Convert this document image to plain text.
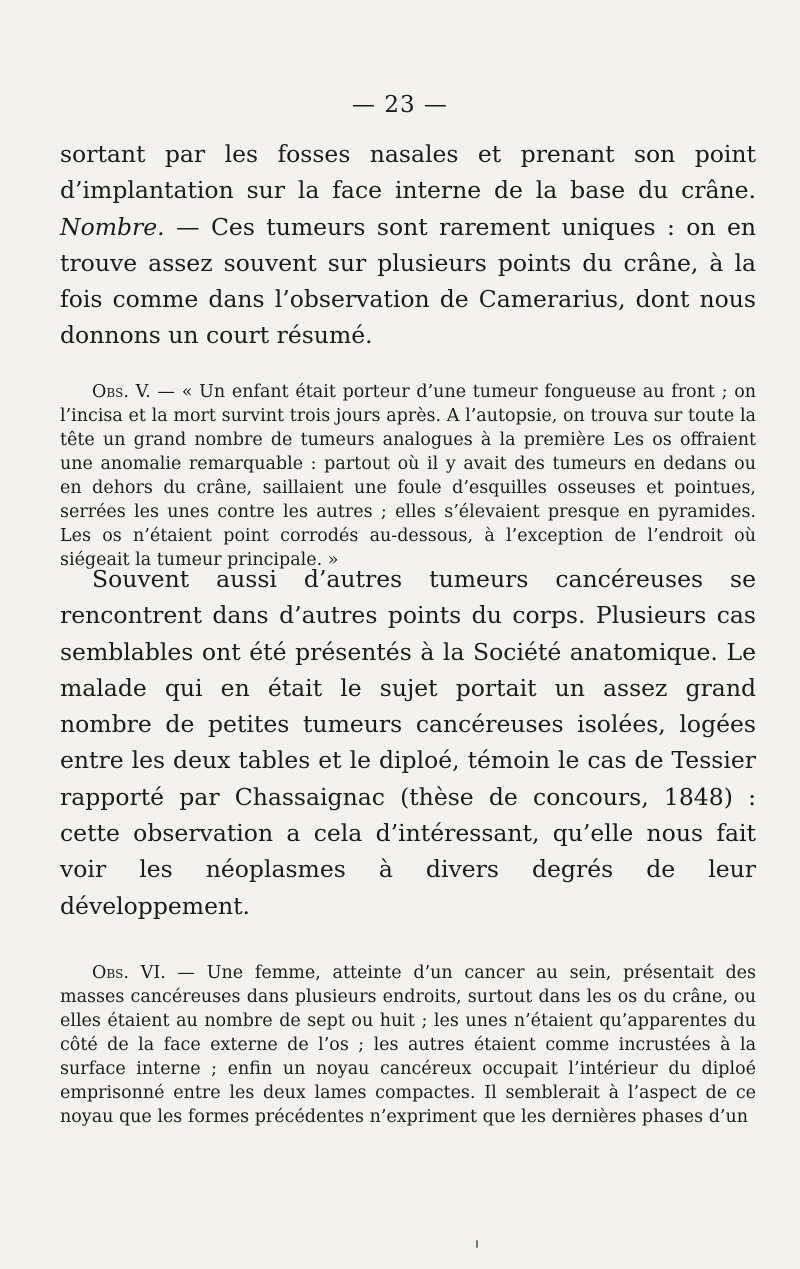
— 23 —

sortant par les fosses nasales et prenant son point d’implantation sur la face interne de la base du crâne. Nombre. — Ces tumeurs sont rarement uniques : on en trouve assez souvent sur plusieurs points du crâne, à la fois comme dans l’observation de Camerarius, dont nous donnons un court résumé.

Obs. V. — « Un enfant était porteur d’une tumeur fongueuse au front ; on l’incisa et la mort survint trois jours après. A l’autopsie, on trouva sur toute la tête un grand nombre de tumeurs analogues à la première Les os offraient une anomalie remarquable : partout où il y avait des tumeurs en dedans ou en dehors du crâne, saillaient une foule d’esquilles osseuses et pointues, serrées les unes contre les autres ; elles s’élevaient presque en pyramides. Les os n’étaient point corrodés au-dessous, à l’exception de l’endroit où siégeait la tumeur principale. »

Souvent aussi d’autres tumeurs cancéreuses se rencontrent dans d’autres points du corps. Plusieurs cas semblables ont été présentés à la Société anatomique. Le malade qui en était le sujet portait un assez grand nombre de petites tumeurs cancéreuses isolées, logées entre les deux tables et le diploé, témoin le cas de Tessier rapporté par Chassaignac (thèse de concours, 1848) : cette observation a cela d’intéressant, qu’elle nous fait voir les néoplasmes à divers degrés de leur développement.

Obs. VI. — Une femme, atteinte d’un cancer au sein, présentait des masses cancéreuses dans plusieurs endroits, surtout dans les os du crâne, ou elles étaient au nombre de sept ou huit ; les unes n’étaient qu’apparentes du côté de la face externe de l’os ; les autres étaient comme incrustées à la surface interne ; enfin un noyau cancéreux occupait l’intérieur du diploé emprisonné entre les deux lames compactes. Il semblerait à l’aspect de ce noyau que les formes précédentes n’expriment que les dernières phases d’un
